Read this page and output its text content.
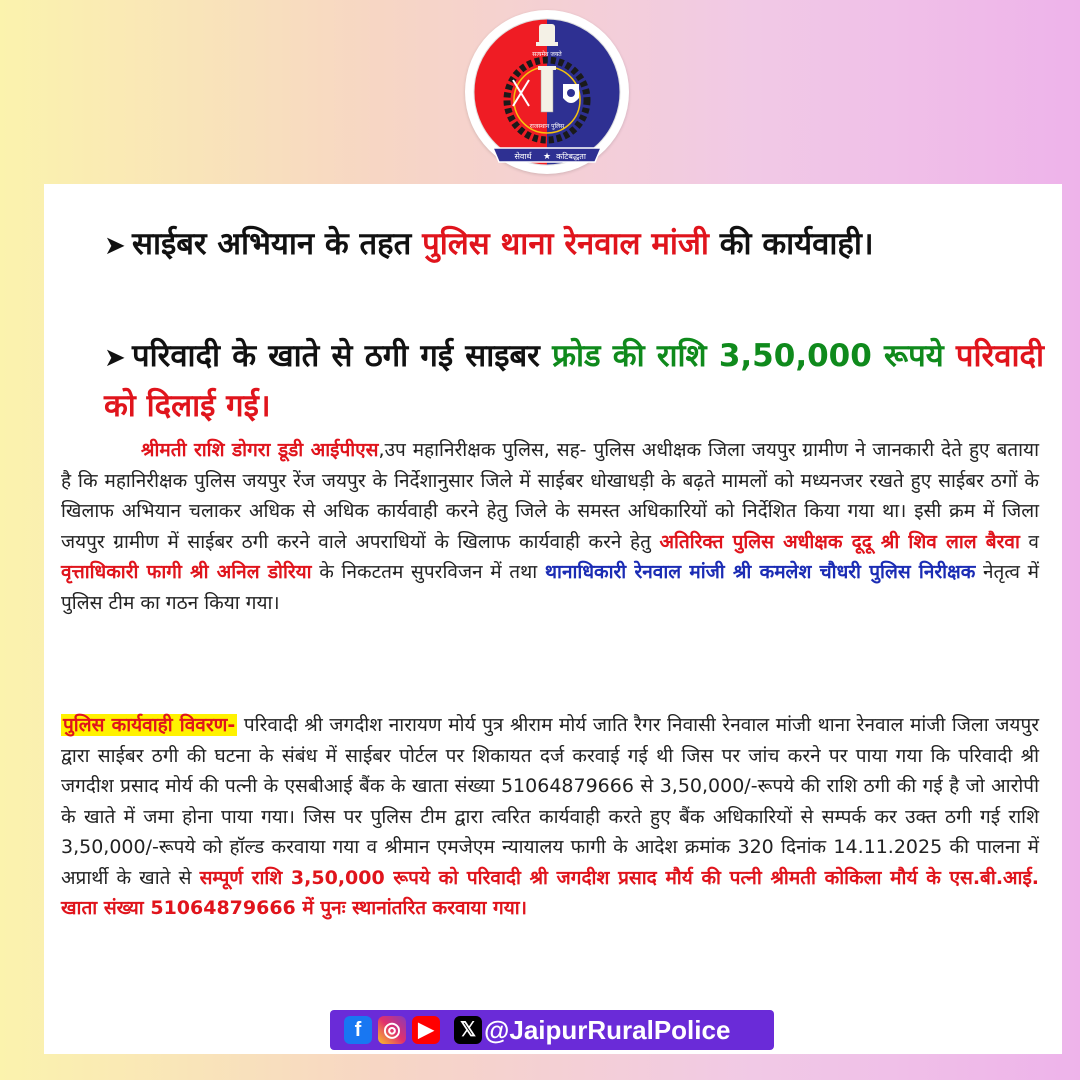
सत्यमेव जयते
राजस्थान पुलिस
सेवार्थ ★ कटिबद्धता
➤ साईबर अभियान के तहत पुलिस थाना रेनवाल मांजी की कार्यवाही।
➤ परिवादी के खाते से ठगी गई साइबर फ्रोड की राशि 3,50,000 रूपये परिवादी को दिलाई गई।

श्रीमती राशि डोगरा डूडी आईपीएस,उप महानिरीक्षक पुलिस, सह- पुलिस अधीक्षक जिला जयपुर ग्रामीण ने जानकारी देते हुए बताया है कि महानिरीक्षक पुलिस जयपुर रेंज जयपुर के निर्देशानुसार जिले में साईबर धोखाधड़ी के बढ़ते मामलों को मध्यनजर रखते हुए साईबर ठगों के खिलाफ अभियान चलाकर अधिक से अधिक कार्यवाही करने हेतु जिले के समस्त अधिकारियों को निर्देशित किया गया था। इसी क्रम में जिला जयपुर ग्रामीण में साईबर ठगी करने वाले अपराधियों के खिलाफ कार्यवाही करने हेतु अतिरिक्त पुलिस अधीक्षक दूदू श्री शिव लाल बैरवा व वृत्ताधिकारी फागी श्री अनिल डोरिया के निकटतम सुपरविजन में तथा थानाधिकारी रेनवाल मांजी श्री कमलेश चौधरी पुलिस निरीक्षक नेतृत्व में पुलिस टीम का गठन किया गया।

पुलिस कार्यवाही विवरण- परिवादी श्री जगदीश नारायण मोर्य पुत्र श्रीराम मोर्य जाति रैगर निवासी रेनवाल मांजी थाना रेनवाल मांजी जिला जयपुर द्वारा साईबर ठगी की घटना के संबंध में साईबर पोर्टल पर शिकायत दर्ज करवाई गई थी जिस पर जांच करने पर पाया गया कि परिवादी श्री जगदीश प्रसाद मोर्य की पत्नी के एसबीआई बैंक के खाता संख्या 51064879666 से 3,50,000/-रूपये की राशि ठगी की गई है जो आरोपी के खाते में जमा होना पाया गया। जिस पर पुलिस टीम द्वारा त्वरित कार्यवाही करते हुए बैंक अधिकारियों से सम्पर्क कर उक्त ठगी गई राशि 3,50,000/-रूपये को हॉल्ड करवाया गया व श्रीमान एमजेएम न्यायालय फागी के आदेश क्रमांक 320 दिनांक 14.11.2025 की पालना में अप्रार्थी के खाते से सम्पूर्ण राशि 3,50,000 रूपये को परिवादी श्री जगदीश प्रसाद मौर्य की पत्नी श्रीमती कोकिला मौर्य के एस.बी.आई. खाता संख्या 51064879666 में पुनः स्थानांतरित करवाया गया।

f	◎ ▶	𝕏 @JaipurRuralPolice
